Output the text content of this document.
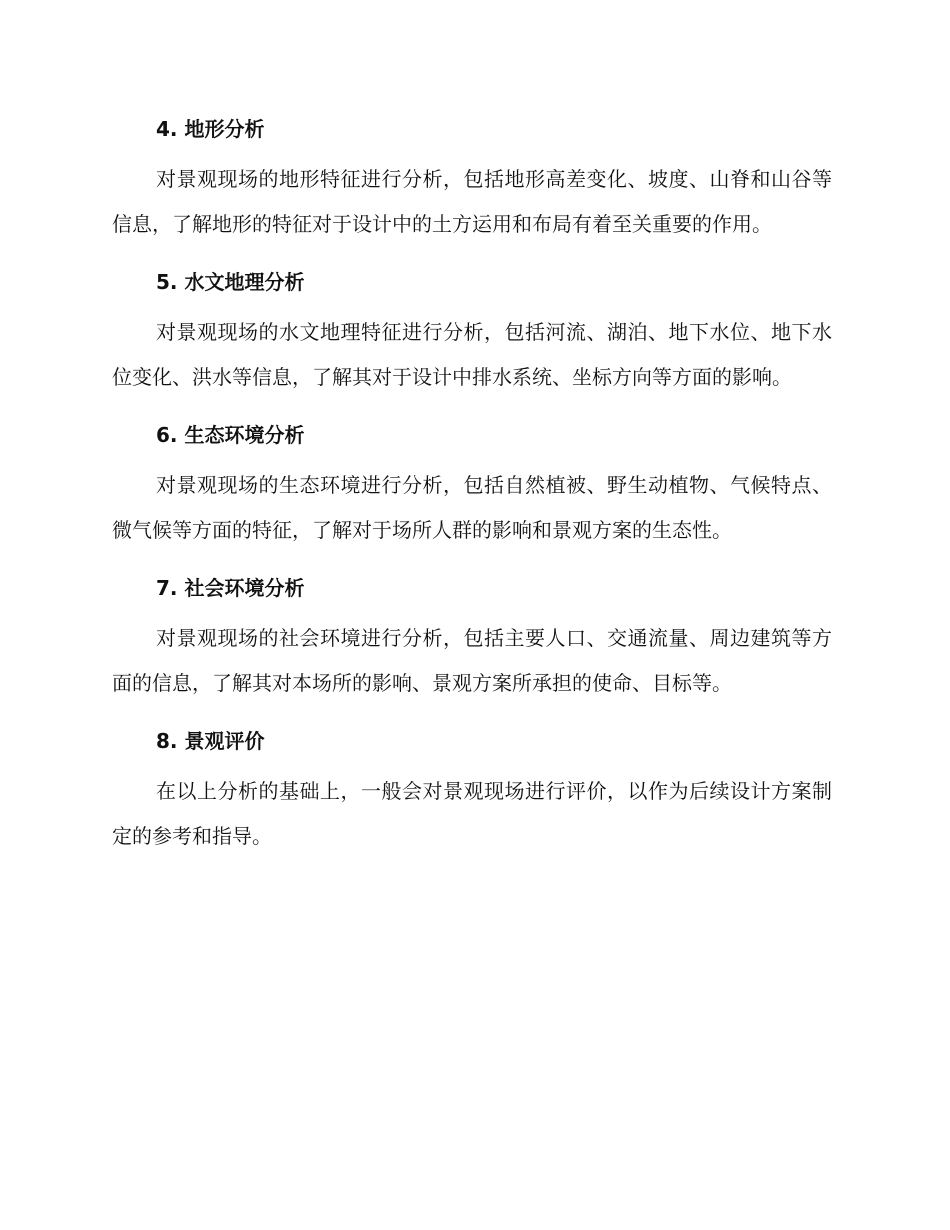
4. 地形分析

对景观现场的地形特征进行分析，包括地形高差变化、坡度、山脊和山谷等信息，了解地形的特征对于设计中的土方运用和布局有着至关重要的作用。

5. 水文地理分析

对景观现场的水文地理特征进行分析，包括河流、湖泊、地下水位、地下水位变化、洪水等信息，了解其对于设计中排水系统、坐标方向等方面的影响。

6. 生态环境分析

对景观现场的生态环境进行分析，包括自然植被、野生动植物、气候特点、微气候等方面的特征，了解对于场所人群的影响和景观方案的生态性。

7. 社会环境分析

对景观现场的社会环境进行分析，包括主要人口、交通流量、周边建筑等方面的信息，了解其对本场所的影响、景观方案所承担的使命、目标等。

8. 景观评价

在以上分析的基础上，一般会对景观现场进行评价，以作为后续设计方案制定的参考和指导。
